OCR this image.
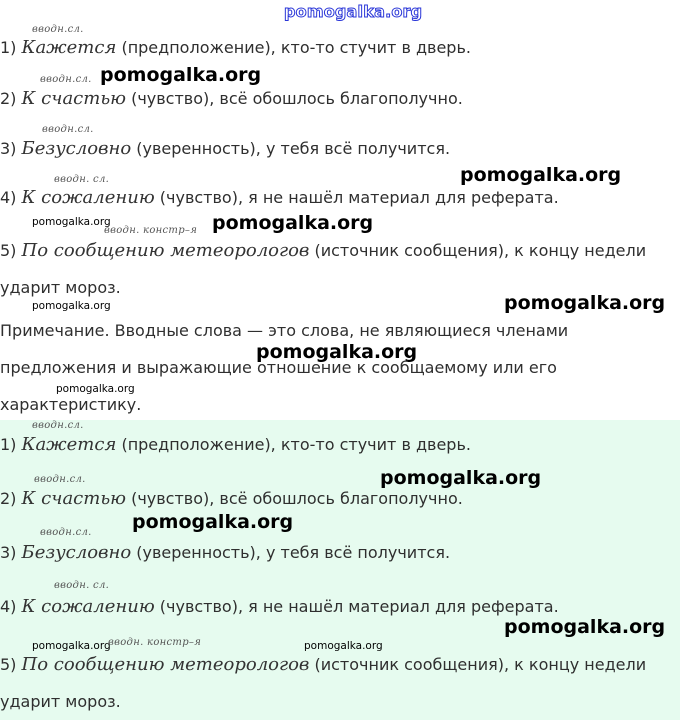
pomogalka.org
вводн.сл.
1) Кажется (предположение), кто-то стучит в дверь.
вводн.сл. pomogalka.org
2) К счастью (чувство), всё обошлось благополучно.
вводн.сл.
3) Безусловно (уверенность), у тебя всё получится.
вводн. сл.	pomogalka.org
4) К сожалению (чувство), я не нашёл материал для реферата.
pomogalka.org
вводн. констр–я pomogalka.org
5) По сообщению метеорологов (источник сообщения), к концу недели
ударит мороз.
pomogalka.org	pomogalka.org
Примечание. Вводные слова — это слова, не являющиеся членами
pomogalka.org
предложения и выражающие отношение к сообщаемому или его
pomogalka.org
характеристику.
вводн.сл.
1) Кажется (предположение), кто-то стучит в дверь.
вводн.сл.	pomogalka.org
2) К счастью (чувство), всё обошлось благополучно.
pomogalka.org
вводн.сл.
3) Безусловно (уверенность), у тебя всё получится.
вводн. сл.
4) К сожалению (чувство), я не нашёл материал для реферата.
pomogalka.org
pomogalka.org
вводн. констр–я	pomogalka.org
5) По сообщению метеорологов (источник сообщения), к концу недели
ударит мороз.
